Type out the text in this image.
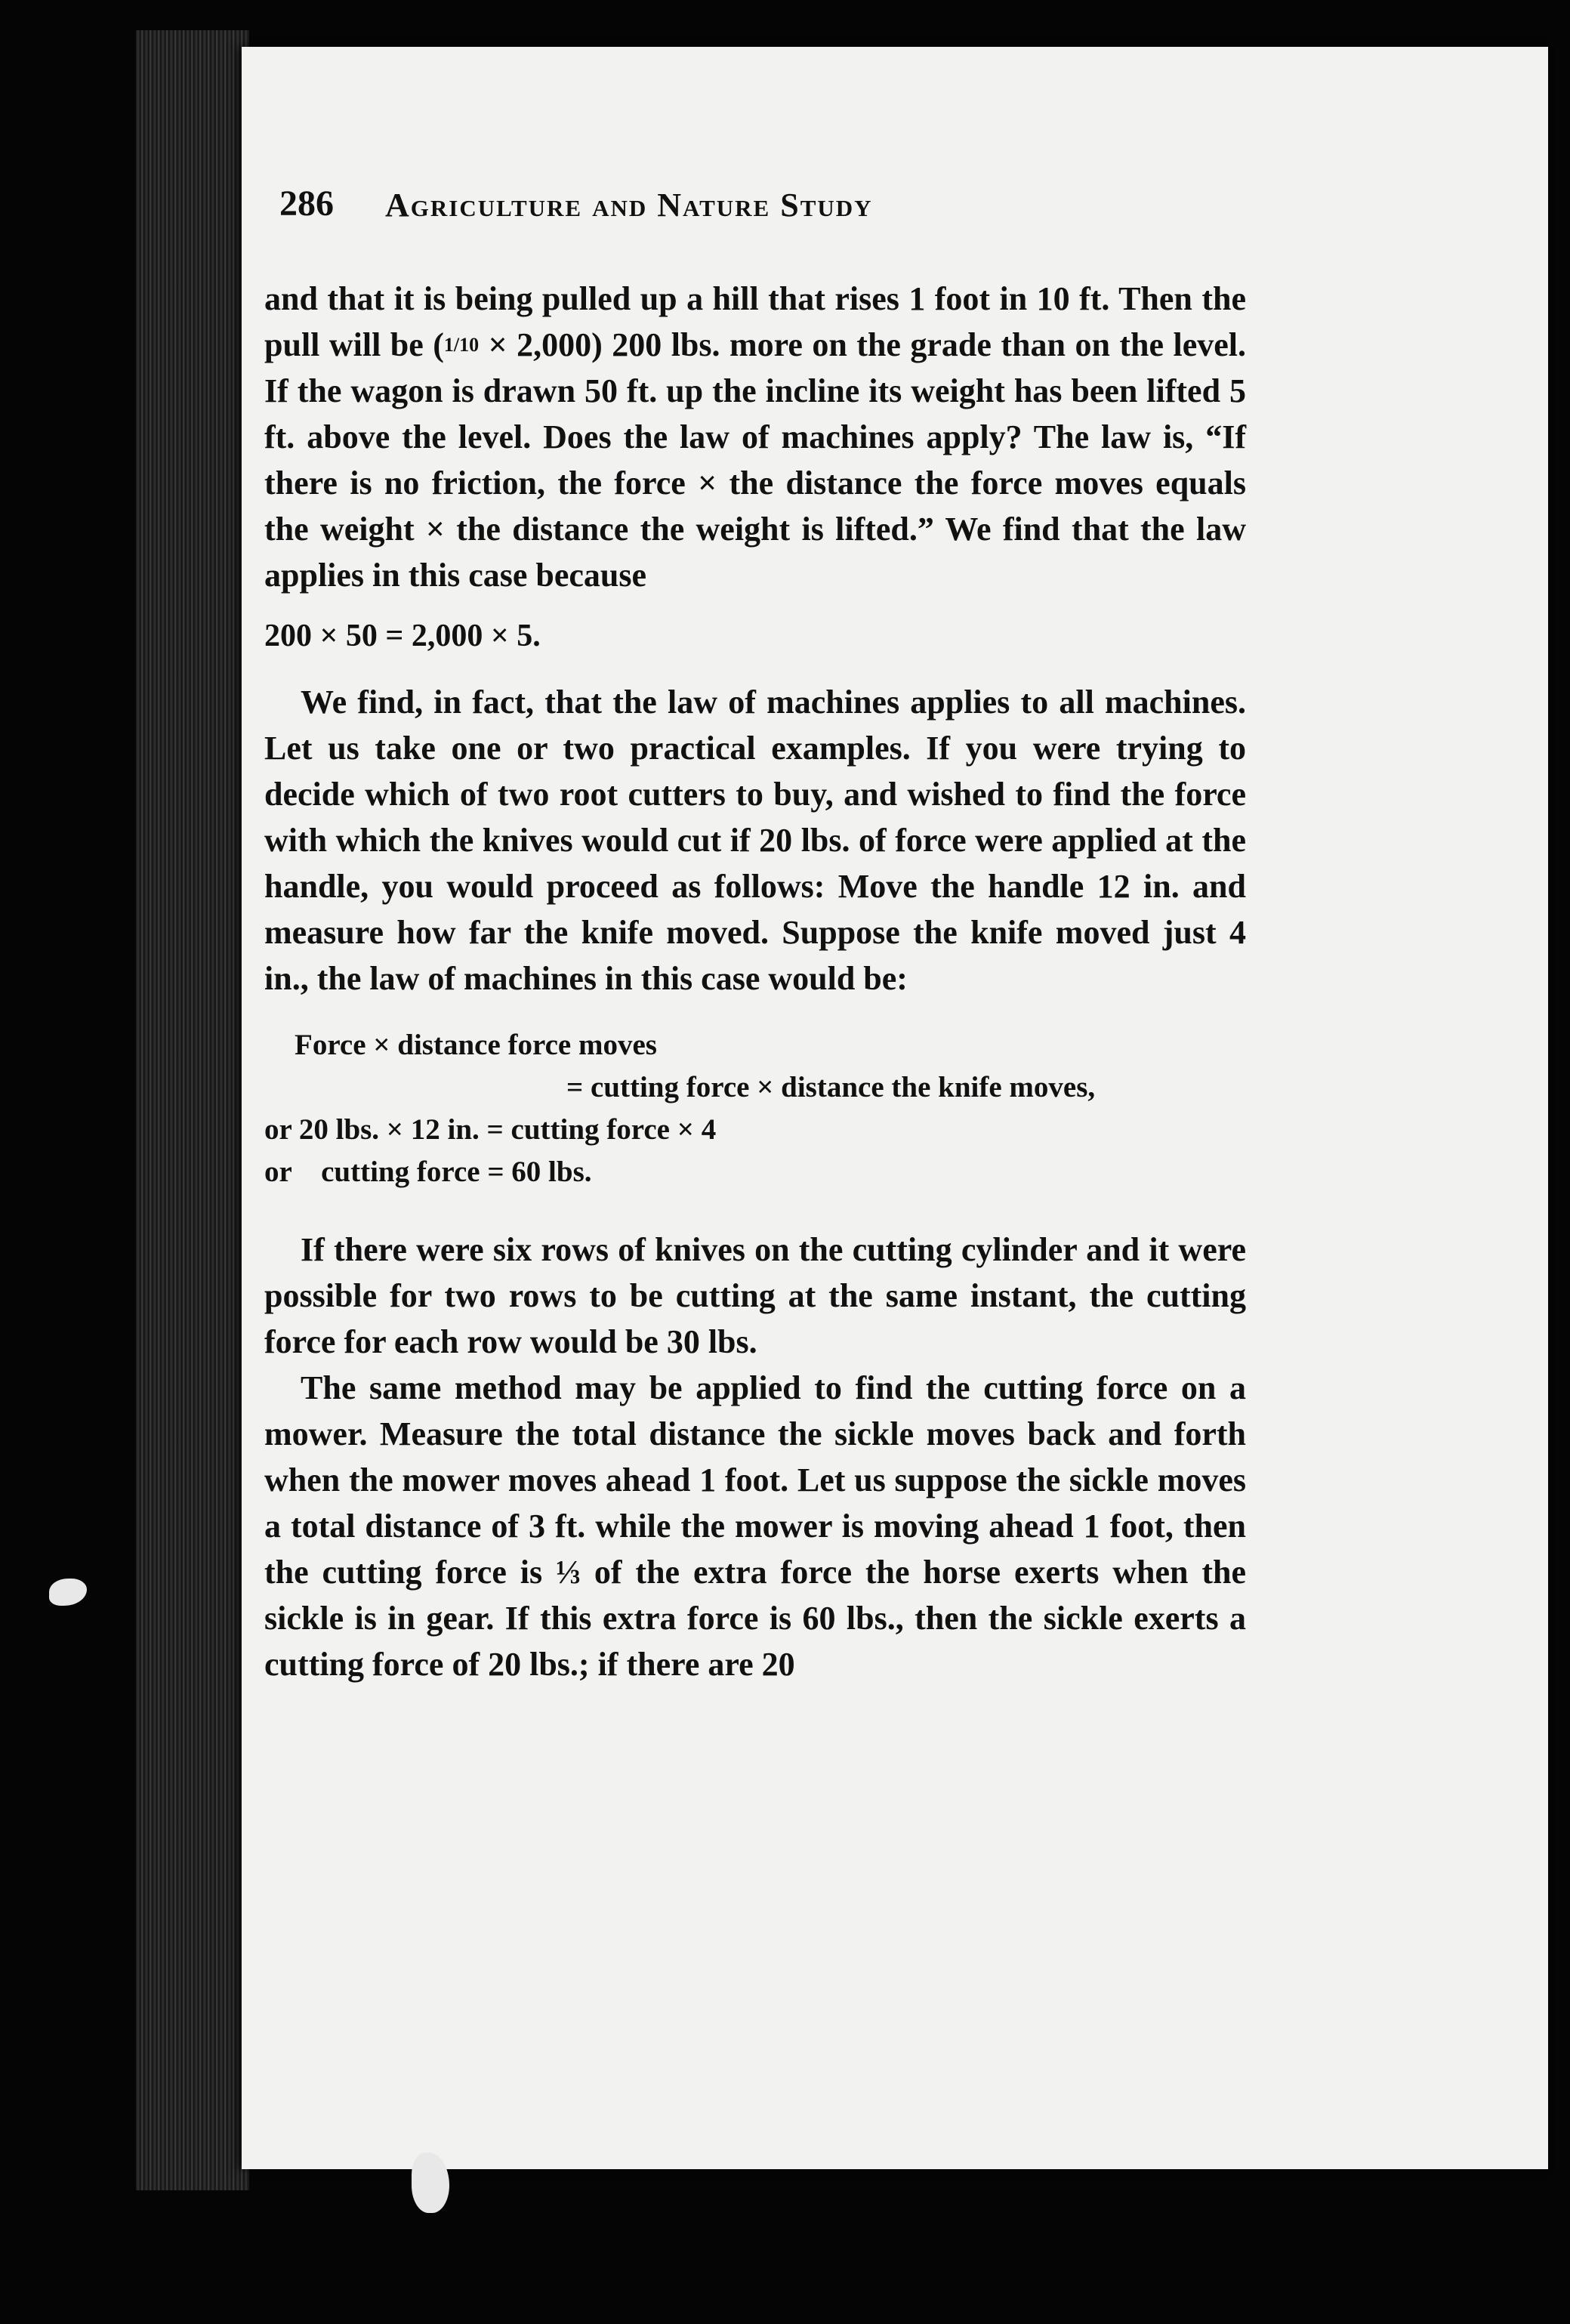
286 Agriculture and Nature Study

and that it is being pulled up a hill that rises 1 foot in 10 ft. Then the pull will be (1/10 × 2,000) 200 lbs. more on the grade than on the level. If the wagon is drawn 50 ft. up the incline its weight has been lifted 5 ft. above the level. Does the law of machines apply? The law is, “If there is no friction, the force × the distance the force moves equals the weight × the distance the weight is lifted.” We find that the law applies in this case because

200 × 50 = 2,000 × 5.

We find, in fact, that the law of machines applies to all machines. Let us take one or two practical examples. If you were trying to decide which of two root cutters to buy, and wished to find the force with which the knives would cut if 20 lbs. of force were applied at the handle, you would proceed as follows: Move the handle 12 in. and measure how far the knife moved. Suppose the knife moved just 4 in., the law of machines in this case would be:

Force × distance force moves
= cutting force × distance the knife moves,
or 20 lbs. × 12 in. = cutting force × 4
or    cutting force = 60 lbs.

If there were six rows of knives on the cutting cylinder and it were possible for two rows to be cutting at the same instant, the cutting force for each row would be 30 lbs.

The same method may be applied to find the cutting force on a mower. Measure the total distance the sickle moves back and forth when the mower moves ahead 1 foot. Let us suppose the sickle moves a total distance of 3 ft. while the mower is moving ahead 1 foot, then the cutting force is ⅓ of the extra force the horse exerts when the sickle is in gear. If this extra force is 60 lbs., then the sickle exerts a cutting force of 20 lbs.; if there are 20
